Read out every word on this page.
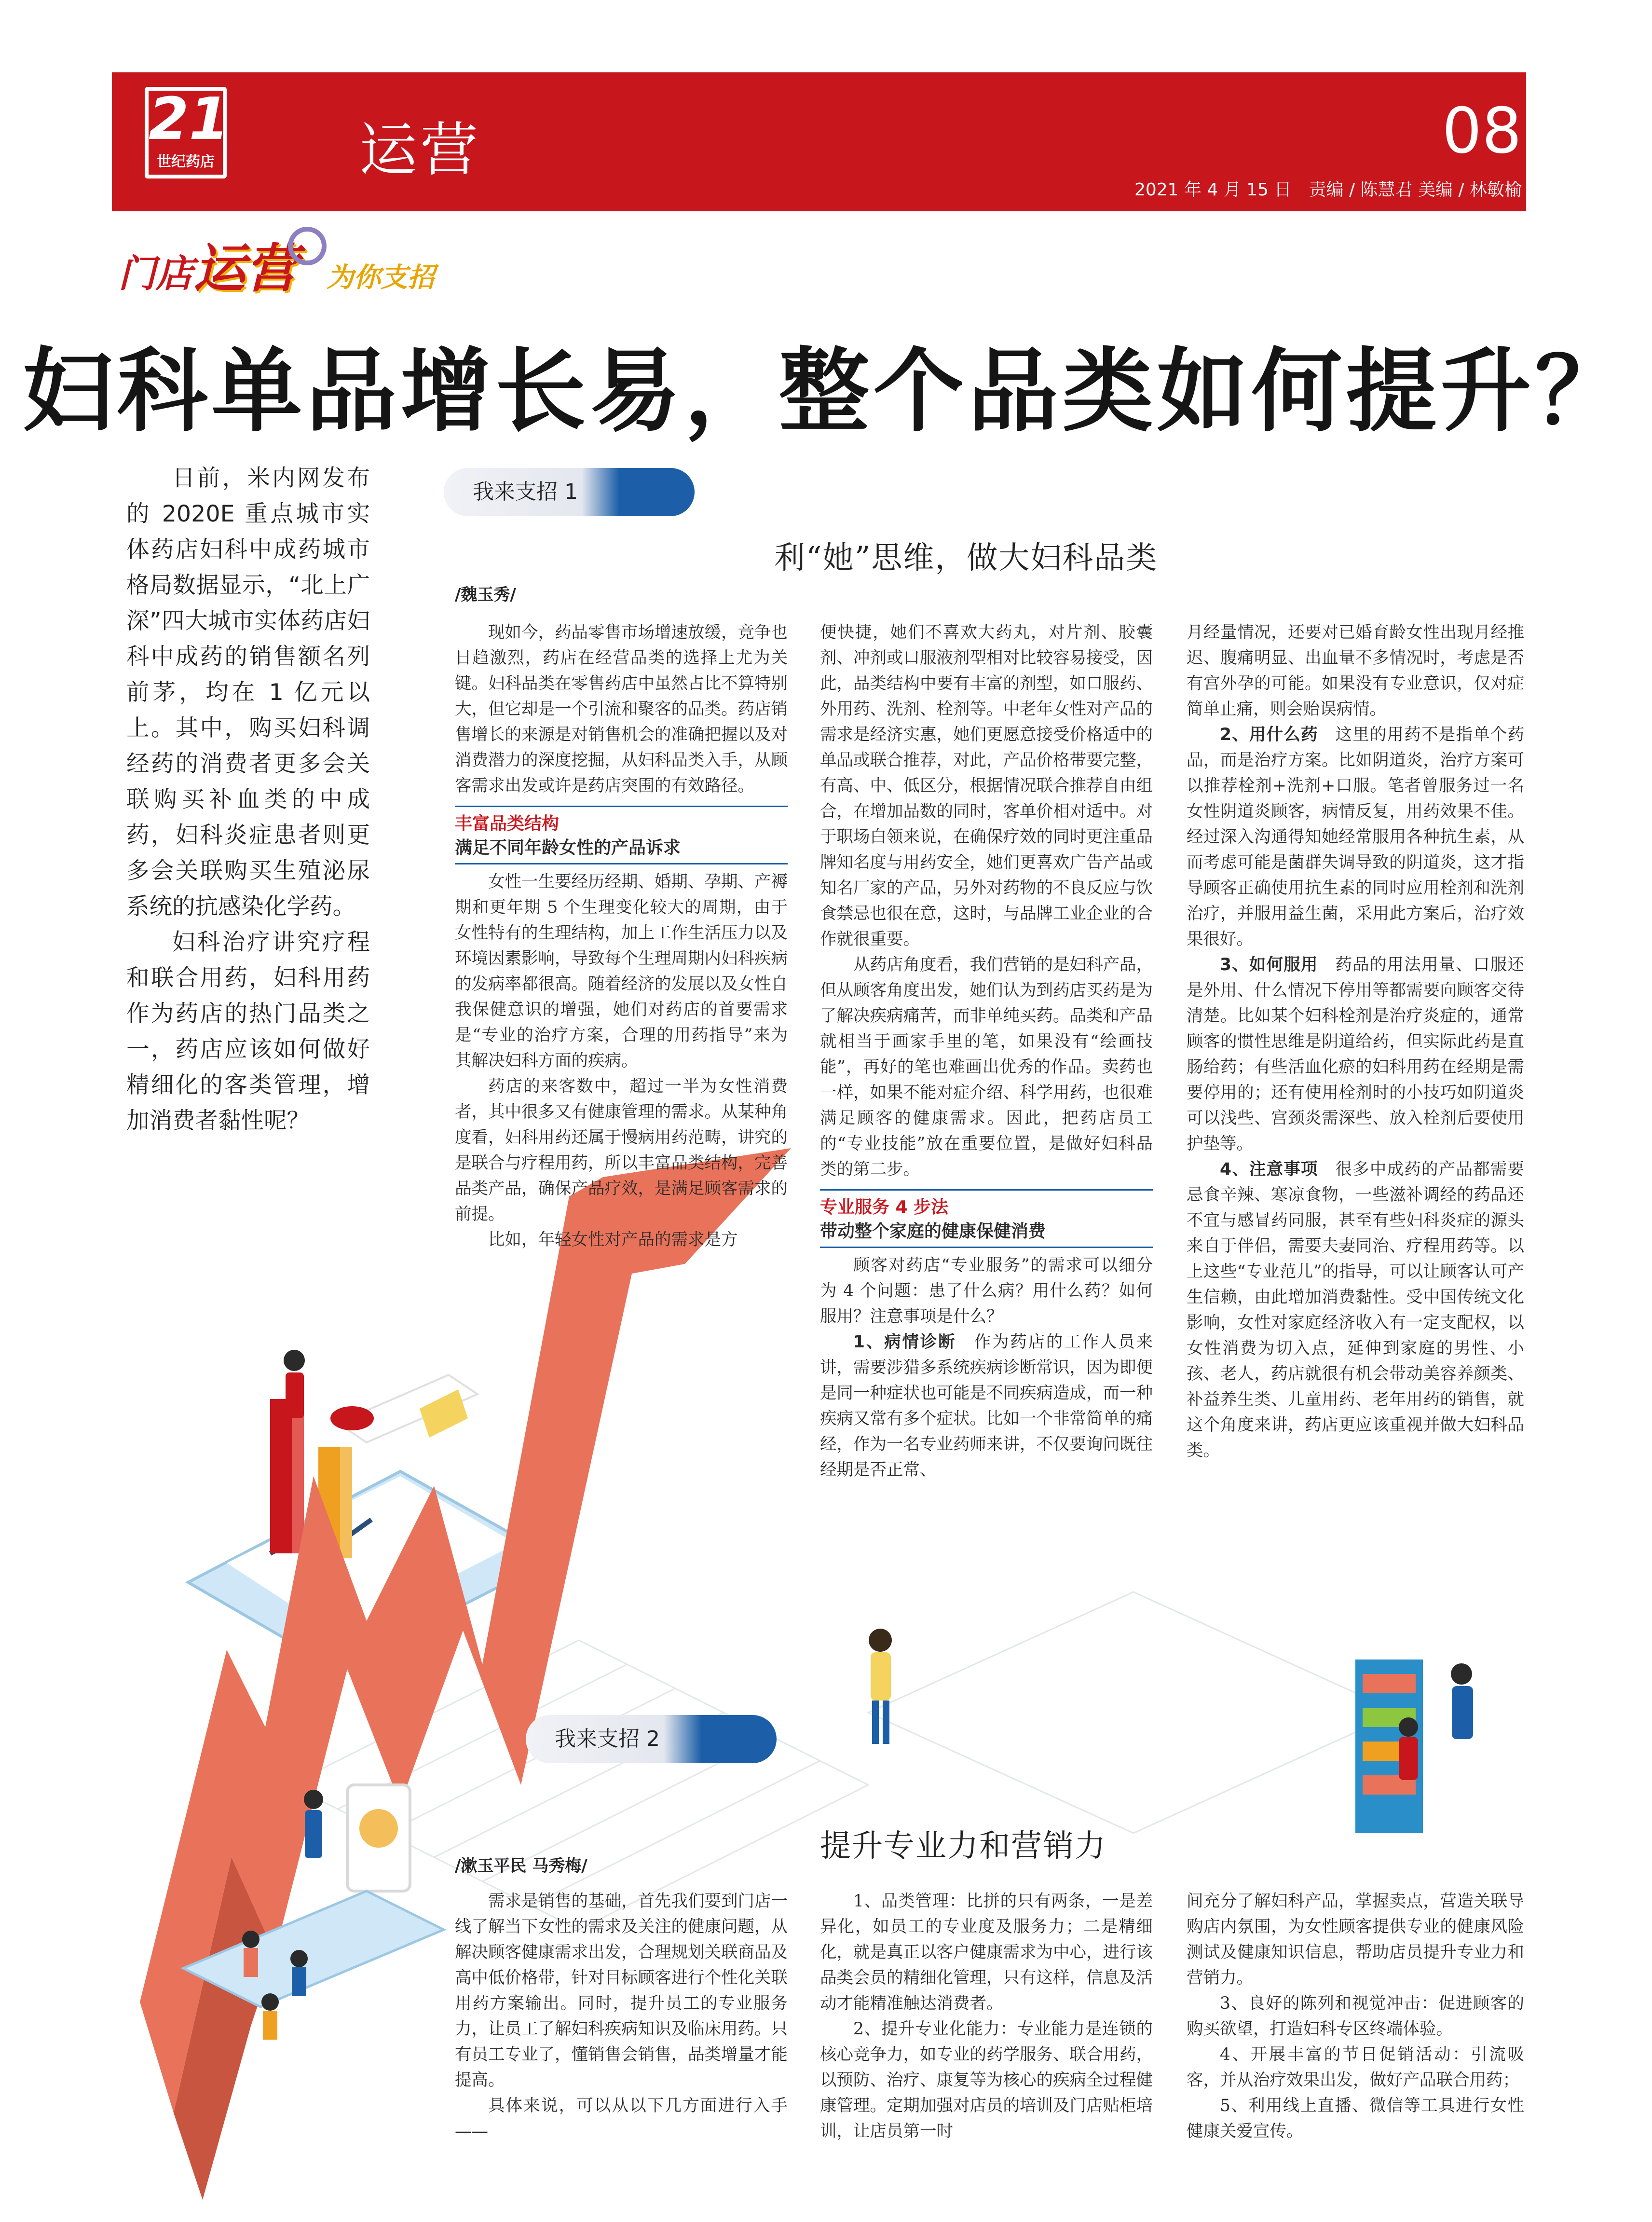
21
世纪药店	运营	08
2021 年 4 月 15 日　责编 / 陈慧君 美编 / 林敏榆
门店运营 为你支招
妇科单品增长易，整个品类如何提升？

日前，米内网发布的 2020E 重点城市实体药店妇科中成药城市格局数据显示，“北上广深”四大城市实体药店妇科中成药的销售额名列前茅，均在 1 亿元以上。其中，购买妇科调经药的消费者更多会关联购买补血类的中成药，妇科炎症患者则更多会关联购买生殖泌尿系统的抗感染化学药。

妇科治疗讲究疗程和联合用药，妇科用药作为药店的热门品类之一，药店应该如何做好精细化的客类管理，增加消费者黏性呢？

我来支招 1
利“她”思维，做大妇科品类
/魏玉秀/

现如今，药品零售市场增速放缓，竞争也日趋激烈，药店在经营品类的选择上尤为关键。妇科品类在零售药店中虽然占比不算特别大，但它却是一个引流和聚客的品类。药店销售增长的来源是对销售机会的准确把握以及对消费潜力的深度挖掘，从妇科品类入手，从顾客需求出发或许是药店突围的有效路径。

丰富品类结构
满足不同年龄女性的产品诉求

女性一生要经历经期、婚期、孕期、产褥期和更年期 5 个生理变化较大的周期，由于女性特有的生理结构，加上工作生活压力以及环境因素影响，导致每个生理周期内妇科疾病的发病率都很高。随着经济的发展以及女性自我保健意识的增强，她们对药店的首要需求是“专业的治疗方案，合理的用药指导”来为其解决妇科方面的疾病。

药店的来客数中，超过一半为女性消费者，其中很多又有健康管理的需求。从某种角度看，妇科用药还属于慢病用药范畴，讲究的是联合与疗程用药，所以丰富品类结构，完善品类产品，确保产品疗效，是满足顾客需求的前提。

比如，年轻女性对产品的需求是方

便快捷，她们不喜欢大药丸，对片剂、胶囊剂、冲剂或口服液剂型相对比较容易接受，因此，品类结构中要有丰富的剂型，如口服药、外用药、洗剂、栓剂等。中老年女性对产品的需求是经济实惠，她们更愿意接受价格适中的单品或联合推荐，对此，产品价格带要完整，有高、中、低区分，根据情况联合推荐自由组合，在增加品数的同时，客单价相对适中。对于职场白领来说，在确保疗效的同时更注重品牌知名度与用药安全，她们更喜欢广告产品或知名厂家的产品，另外对药物的不良反应与饮食禁忌也很在意，这时，与品牌工业企业的合作就很重要。

从药店角度看，我们营销的是妇科产品，但从顾客角度出发，她们认为到药店买药是为了解决疾病痛苦，而非单纯买药。品类和产品就相当于画家手里的笔，如果没有“绘画技能”，再好的笔也难画出优秀的作品。卖药也一样，如果不能对症介绍、科学用药，也很难满足顾客的健康需求。因此，把药店员工的“专业技能”放在重要位置，是做好妇科品类的第二步。

专业服务 4 步法
带动整个家庭的健康保健消费

顾客对药店“专业服务”的需求可以细分为 4 个问题：患了什么病？用什么药？如何服用？注意事项是什么？

1、病情诊断　作为药店的工作人员来讲，需要涉猎多系统疾病诊断常识，因为即便是同一种症状也可能是不同疾病造成，而一种疾病又常有多个症状。比如一个非常简单的痛经，作为一名专业药师来讲，不仅要询问既往经期是否正常、

月经量情况，还要对已婚育龄女性出现月经推迟、腹痛明显、出血量不多情况时，考虑是否有宫外孕的可能。如果没有专业意识，仅对症简单止痛，则会贻误病情。

2、用什么药　这里的用药不是指单个药品，而是治疗方案。比如阴道炎，治疗方案可以推荐栓剂+洗剂+口服。笔者曾服务过一名女性阴道炎顾客，病情反复，用药效果不佳。经过深入沟通得知她经常服用各种抗生素，从而考虑可能是菌群失调导致的阴道炎，这才指导顾客正确使用抗生素的同时应用栓剂和洗剂治疗，并服用益生菌，采用此方案后，治疗效果很好。

3、如何服用　药品的用法用量、口服还是外用、什么情况下停用等都需要向顾客交待清楚。比如某个妇科栓剂是治疗炎症的，通常顾客的惯性思维是阴道给药，但实际此药是直肠给药；有些活血化瘀的妇科用药在经期是需要停用的；还有使用栓剂时的小技巧如阴道炎可以浅些、宫颈炎需深些、放入栓剂后要使用护垫等。

4、注意事项　很多中成药的产品都需要忌食辛辣、寒凉食物，一些滋补调经的药品还不宜与感冒药同服，甚至有些妇科炎症的源头来自于伴侣，需要夫妻同治、疗程用药等。以上这些“专业范儿”的指导，可以让顾客认可产生信赖，由此增加消费黏性。受中国传统文化影响，女性对家庭经济收入有一定支配权，以女性消费为切入点，延伸到家庭的男性、小孩、老人，药店就很有机会带动美容养颜类、补益养生类、儿童用药、老年用药的销售，就这个角度来讲，药店更应该重视并做大妇科品类。

我来支招 2
提升专业力和营销力
/漱玉平民 马秀梅/

需求是销售的基础，首先我们要到门店一线了解当下女性的需求及关注的健康问题，从解决顾客健康需求出发，合理规划关联商品及高中低价格带，针对目标顾客进行个性化关联用药方案输出。同时，提升员工的专业服务力，让员工了解妇科疾病知识及临床用药。只有员工专业了，懂销售会销售，品类增量才能提高。

具体来说，可以从以下几方面进行入手——

1、品类管理：比拼的只有两条，一是差异化，如员工的专业度及服务力；二是精细化，就是真正以客户健康需求为中心，进行该品类会员的精细化管理，只有这样，信息及活动才能精准触达消费者。

2、提升专业化能力：专业能力是连锁的核心竞争力，如专业的药学服务、联合用药，以预防、治疗、康复等为核心的疾病全过程健康管理。定期加强对店员的培训及门店贴柜培训，让店员第一时

间充分了解妇科产品，掌握卖点，营造关联导购店内氛围，为女性顾客提供专业的健康风险测试及健康知识信息，帮助店员提升专业力和营销力。

3、良好的陈列和视觉冲击：促进顾客的购买欲望，打造妇科专区终端体验。

4、开展丰富的节日促销活动：引流吸客，并从治疗效果出发，做好产品联合用药；

5、利用线上直播、微信等工具进行女性健康关爱宣传。
